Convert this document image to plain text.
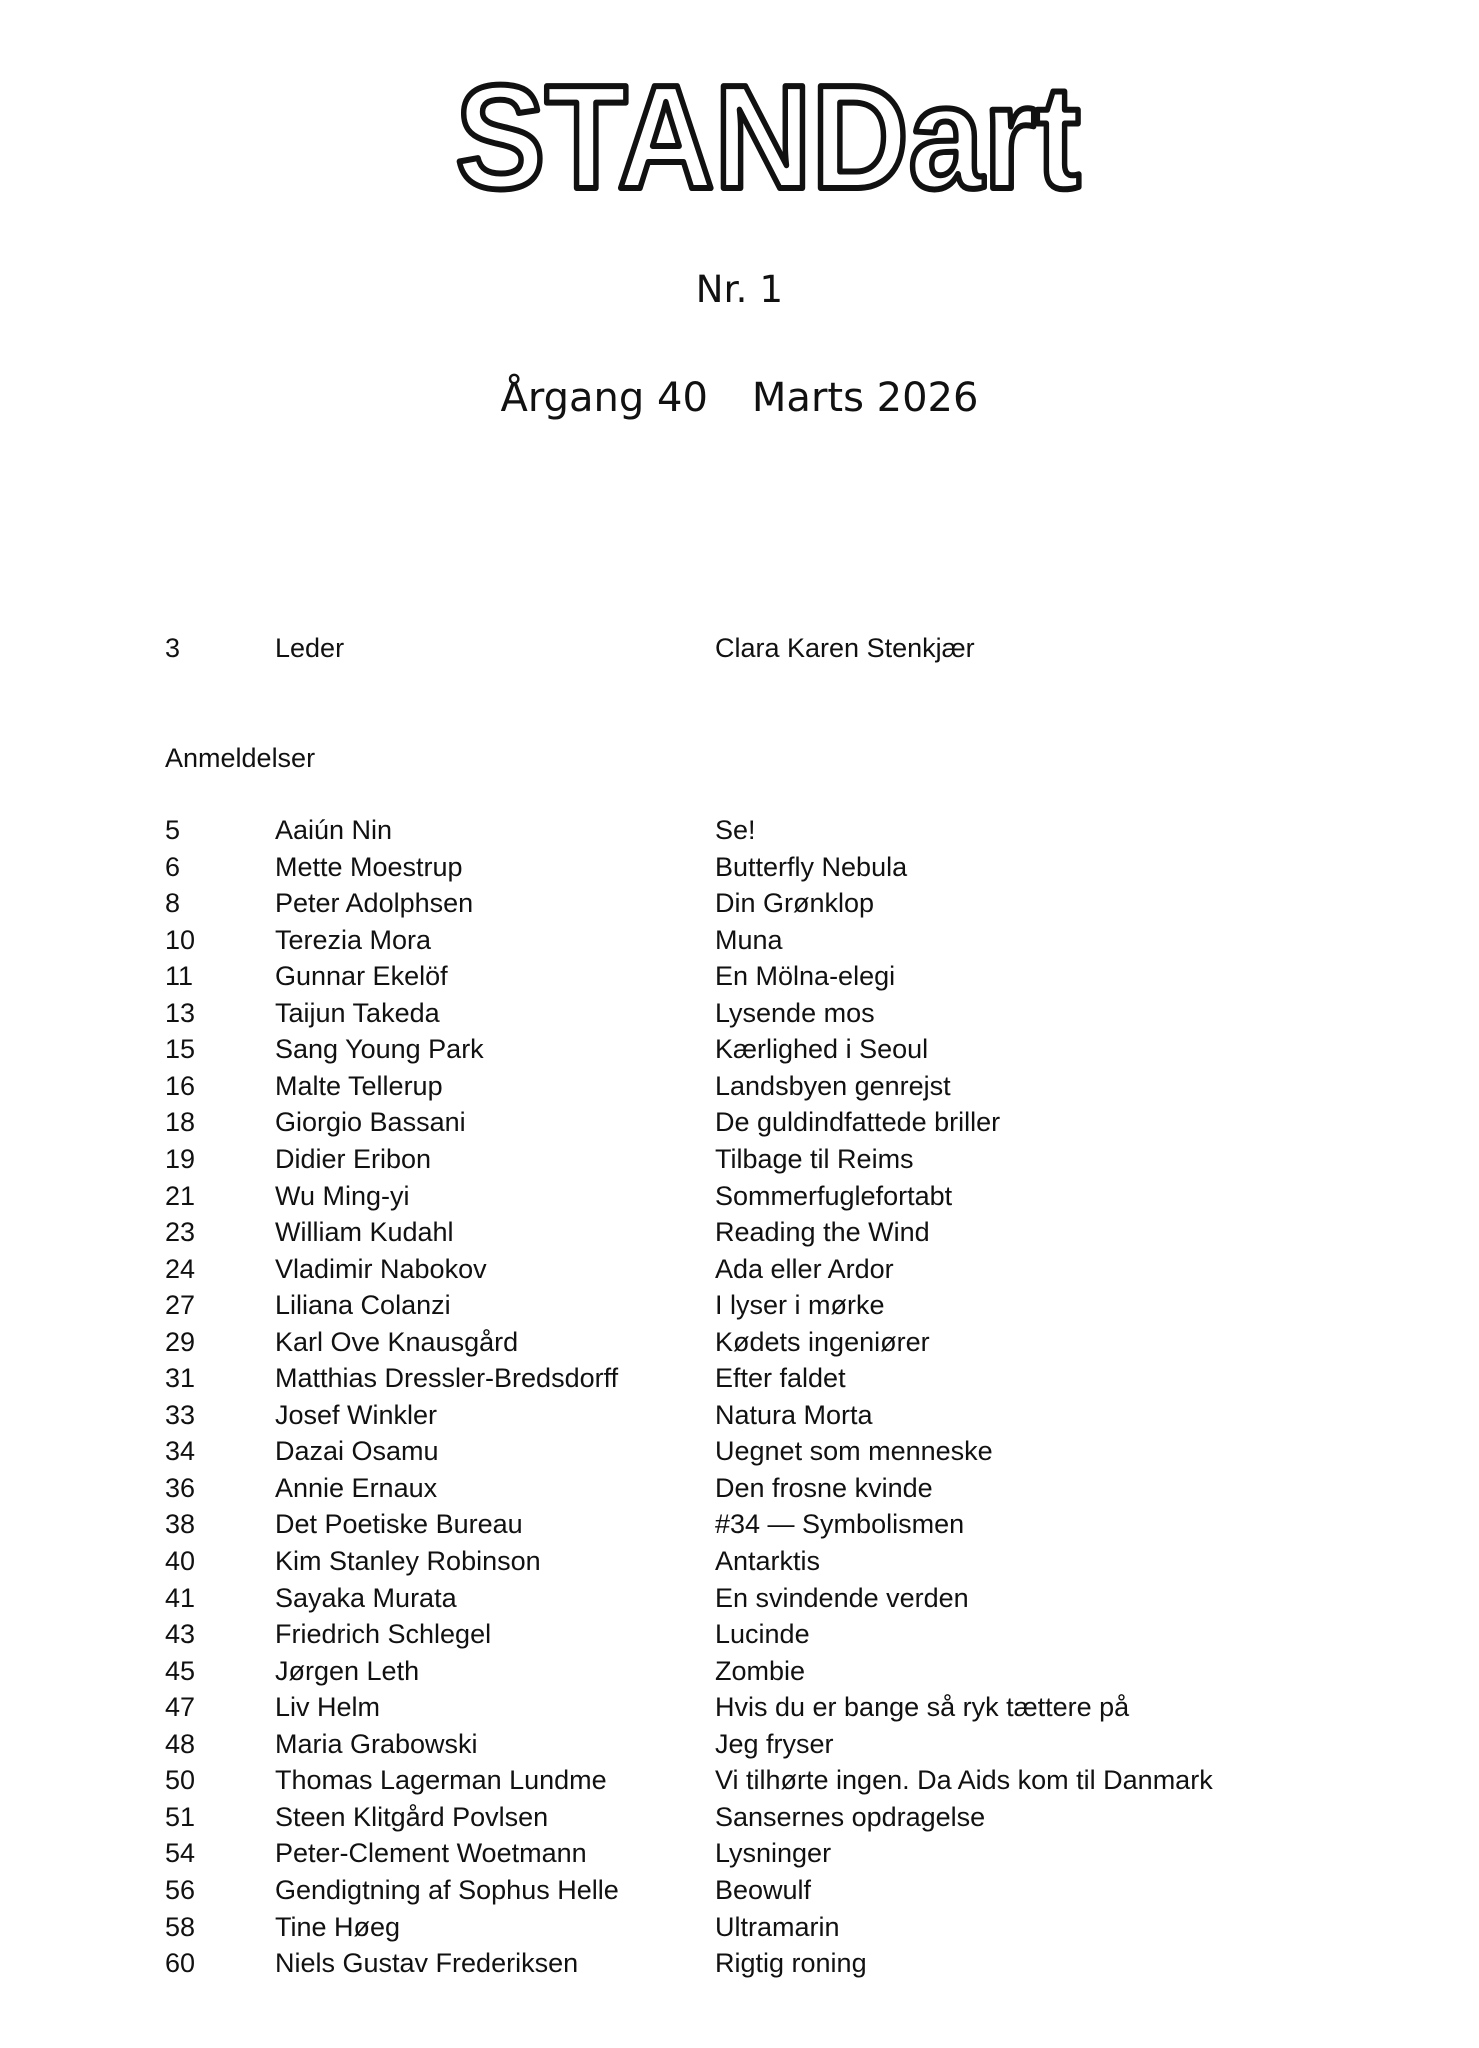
STANDart
Nr. 1
Årgang 40 Marts 2026
3	Leder	Clara Karen Stenkjær
Anmeldelser
5	Aaiún Nin	Se!
6	Mette Moestrup	Butterfly Nebula
8	Peter Adolphsen	Din Grønklop
10	Terezia Mora	Muna
11	Gunnar Ekelöf	En Mölna-elegi
13	Taijun Takeda	Lysende mos
15	Sang Young Park	Kærlighed i Seoul
16	Malte Tellerup	Landsbyen genrejst
18	Giorgio Bassani	De guldindfattede briller
19	Didier Eribon	Tilbage til Reims
21	Wu Ming-yi	Sommerfuglefortabt
23	William Kudahl	Reading the Wind
24	Vladimir Nabokov	Ada eller Ardor
27	Liliana Colanzi	I lyser i mørke
29	Karl Ove Knausgård	Kødets ingeniører
31	Matthias Dressler-Bredsdorff	Efter faldet
33	Josef Winkler	Natura Morta
34	Dazai Osamu	Uegnet som menneske
36	Annie Ernaux	Den frosne kvinde
38	Det Poetiske Bureau	#34 — Symbolismen
40	Kim Stanley Robinson	Antarktis
41	Sayaka Murata	En svindende verden
43	Friedrich Schlegel	Lucinde
45	Jørgen Leth	Zombie
47	Liv Helm	Hvis du er bange så ryk tættere på
48	Maria Grabowski	Jeg fryser
50	Thomas Lagerman Lundme	Vi tilhørte ingen. Da Aids kom til Danmark
51	Steen Klitgård Povlsen	Sansernes opdragelse
54	Peter-Clement Woetmann	Lysninger
56	Gendigtning af Sophus Helle	Beowulf
58	Tine Høeg	Ultramarin
60	Niels Gustav Frederiksen	Rigtig roning
